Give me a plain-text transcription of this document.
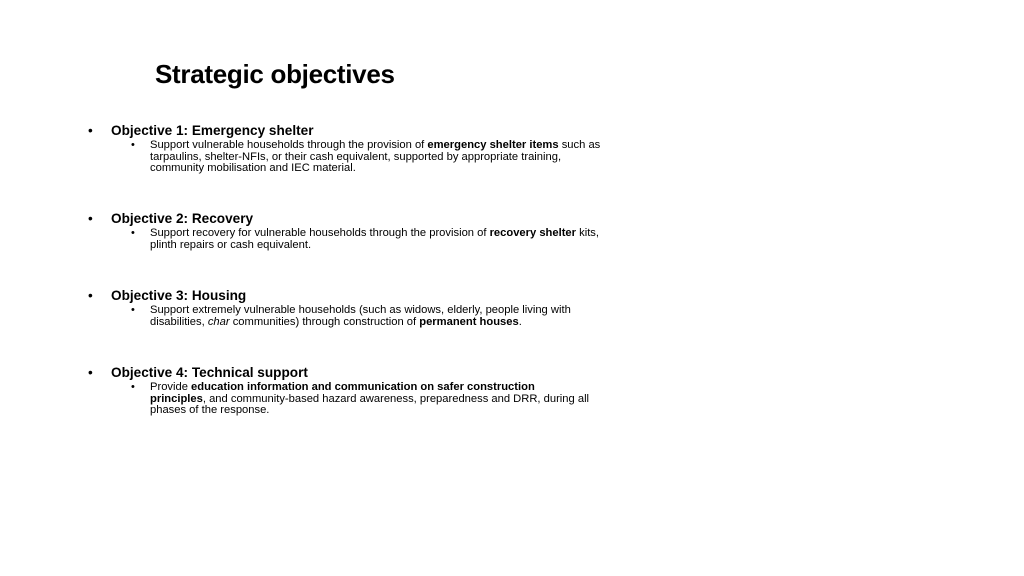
Strategic objectives
• Objective 1: Emergency shelter
• Support vulnerable households through the provision of emergency shelter items such as tarpaulins, shelter-NFIs, or their cash equivalent, supported by appropriate training, community mobilisation and IEC material.
• Objective 2: Recovery
• Support recovery for vulnerable households through the provision of recovery shelter kits, plinth repairs or cash equivalent.
• Objective 3: Housing
• Support extremely vulnerable households (such as widows, elderly, people living with disabilities, char communities) through construction of permanent houses.
• Objective 4: Technical support
• Provide education information and communication on safer construction principles, and community-based hazard awareness, preparedness and DRR, during all phases of the response.
